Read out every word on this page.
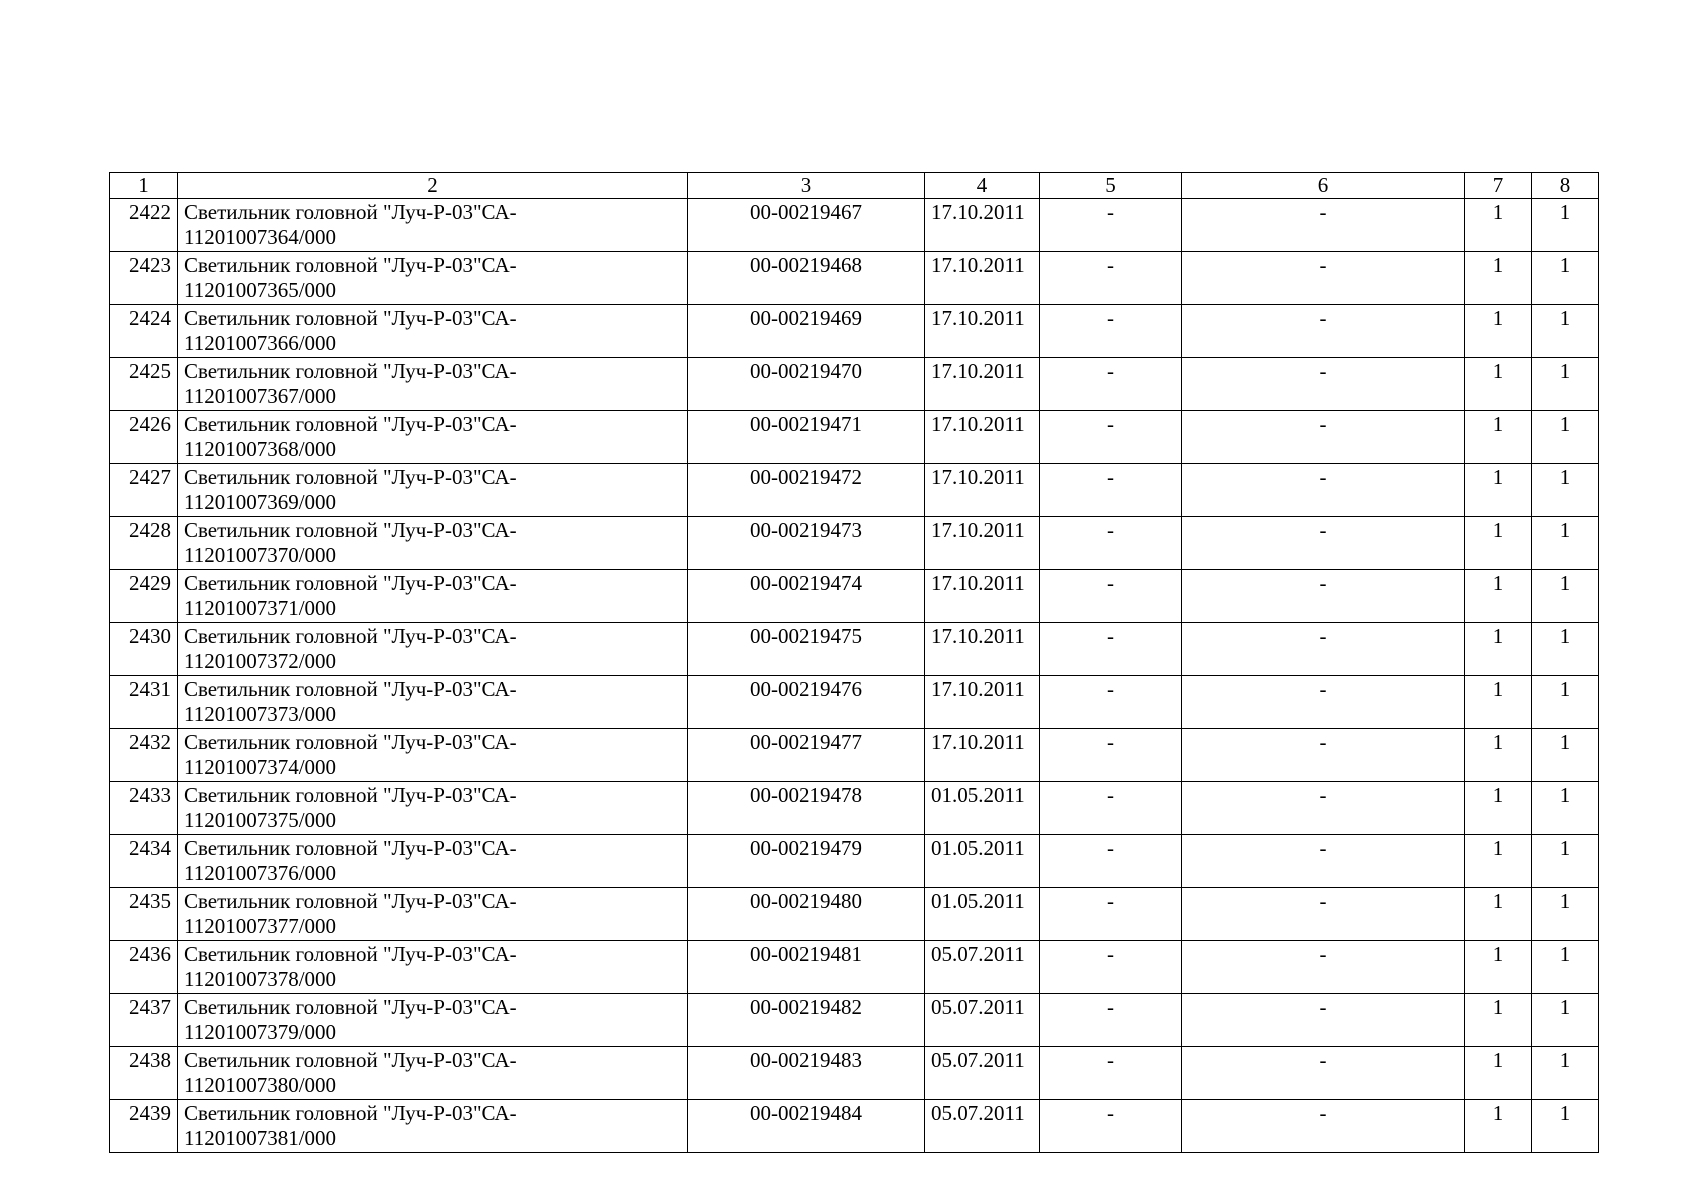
1	2	3	4	5	6	7	8
2422	Светильник головной "Луч-Р-03"СА-
11201007364/000	00-00219467	17.10.2011	-	-	1	1
2423	Светильник головной "Луч-Р-03"СА-
11201007365/000	00-00219468	17.10.2011	-	-	1	1
2424	Светильник головной "Луч-Р-03"СА-
11201007366/000	00-00219469	17.10.2011	-	-	1	1
2425	Светильник головной "Луч-Р-03"СА-
11201007367/000	00-00219470	17.10.2011	-	-	1	1
2426	Светильник головной "Луч-Р-03"СА-
11201007368/000	00-00219471	17.10.2011	-	-	1	1
2427	Светильник головной "Луч-Р-03"СА-
11201007369/000	00-00219472	17.10.2011	-	-	1	1
2428	Светильник головной "Луч-Р-03"СА-
11201007370/000	00-00219473	17.10.2011	-	-	1	1
2429	Светильник головной "Луч-Р-03"СА-
11201007371/000	00-00219474	17.10.2011	-	-	1	1
2430	Светильник головной "Луч-Р-03"СА-
11201007372/000	00-00219475	17.10.2011	-	-	1	1
2431	Светильник головной "Луч-Р-03"СА-
11201007373/000	00-00219476	17.10.2011	-	-	1	1
2432	Светильник головной "Луч-Р-03"СА-
11201007374/000	00-00219477	17.10.2011	-	-	1	1
2433	Светильник головной "Луч-Р-03"СА-
11201007375/000	00-00219478	01.05.2011	-	-	1	1
2434	Светильник головной "Луч-Р-03"СА-
11201007376/000	00-00219479	01.05.2011	-	-	1	1
2435	Светильник головной "Луч-Р-03"СА-
11201007377/000	00-00219480	01.05.2011	-	-	1	1
2436	Светильник головной "Луч-Р-03"СА-
11201007378/000	00-00219481	05.07.2011	-	-	1	1
2437	Светильник головной "Луч-Р-03"СА-
11201007379/000	00-00219482	05.07.2011	-	-	1	1
2438	Светильник головной "Луч-Р-03"СА-
11201007380/000	00-00219483	05.07.2011	-	-	1	1
2439	Светильник головной "Луч-Р-03"СА-
11201007381/000	00-00219484	05.07.2011	-	-	1	1
